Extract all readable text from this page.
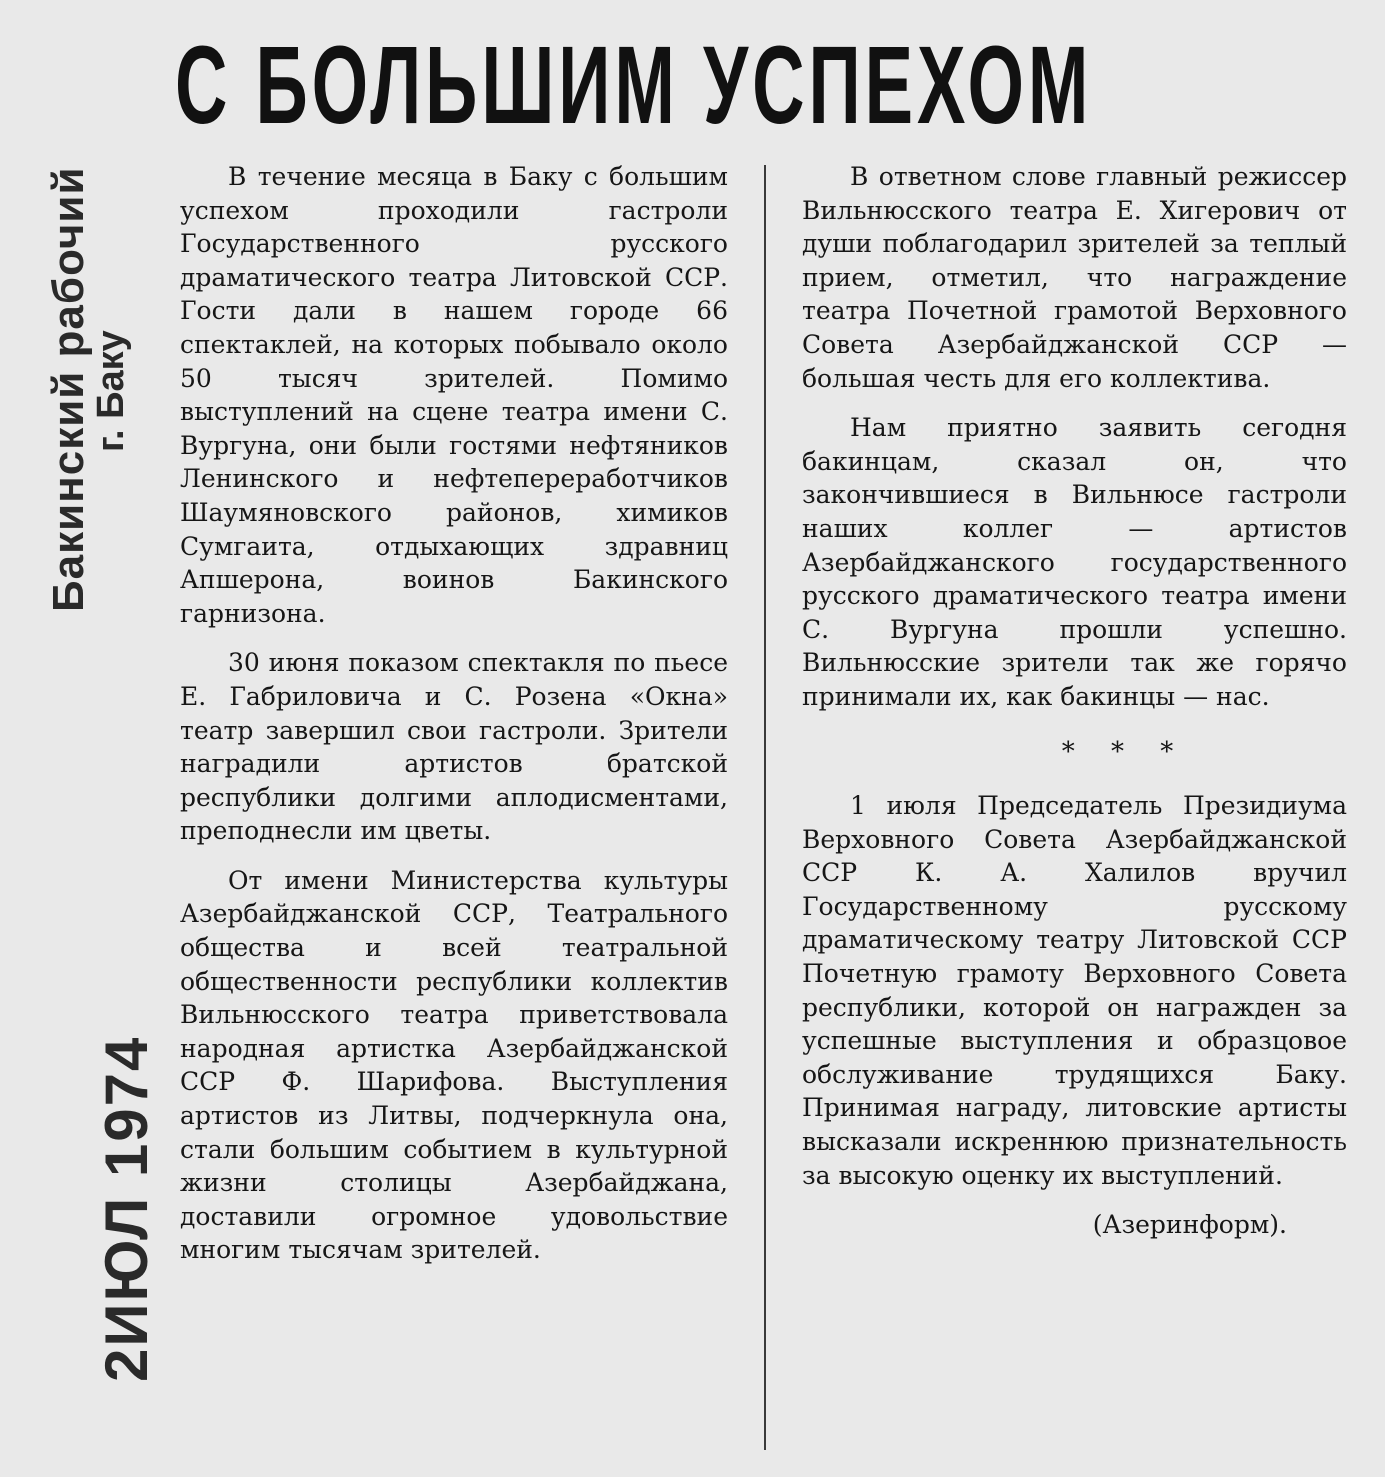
С БОЛЬШИМ УСПЕХОМ
Бакинский рабочий
г. Баку
2ИЮЛ 1974

В течение месяца в Баку с большим успехом проходили гастроли Государственного русского драматического театра Литовской ССР. Гости дали в нашем городе 66 спектаклей, на которых побывало около 50 тысяч зрителей. Помимо выступлений на сцене театра имени С. Вургуна, они были гостями нефтяников Ленинского и нефтепереработчиков Шаумяновского районов, химиков Сумгаита, отдыхающих здравниц Апшерона, воинов Бакинского гарнизона.

30 июня показом спектакля по пьесе Е. Габриловича и С. Розена «Окна» театр завершил свои гастроли. Зрители наградили артистов братской республики долгими аплодисментами, преподнесли им цветы.

От имени Министерства культуры Азербайджанской ССР, Театрального общества и всей театральной общественности республики коллектив Вильнюсского театра приветствовала народная артистка Азербайджанской ССР Ф. Шарифова. Выступления артистов из Литвы, подчеркнула она, стали большим событием в культурной жизни столицы Азербайджана, доставили огромное удовольствие многим тысячам зрителей.

В ответном слове главный режиссер Вильнюсского театра Е. Хигерович от души поблагодарил зрителей за теплый прием, отметил, что награждение театра Почетной грамотой Верховного Совета Азербайджанской ССР — большая честь для его коллектива.

Нам приятно заявить сегодня бакинцам, сказал он, что закончившиеся в Вильнюсе гастроли наших коллег — артистов Азербайджанского государственного русского драматического театра имени С. Вургуна прошли успешно. Вильнюсские зрители так же горячо принимали их, как бакинцы — нас.

* * *

1 июля Председатель Президиума Верховного Совета Азербайджанской ССР К. А. Халилов вручил Государственному русскому драматическому театру Литовской ССР Почетную грамоту Верховного Совета республики, которой он награжден за успешные выступления и образцовое обслуживание трудящихся Баку. Принимая награду, литовские артисты высказали искреннюю признательность за высокую оценку их выступлений.

(Азеринформ).
